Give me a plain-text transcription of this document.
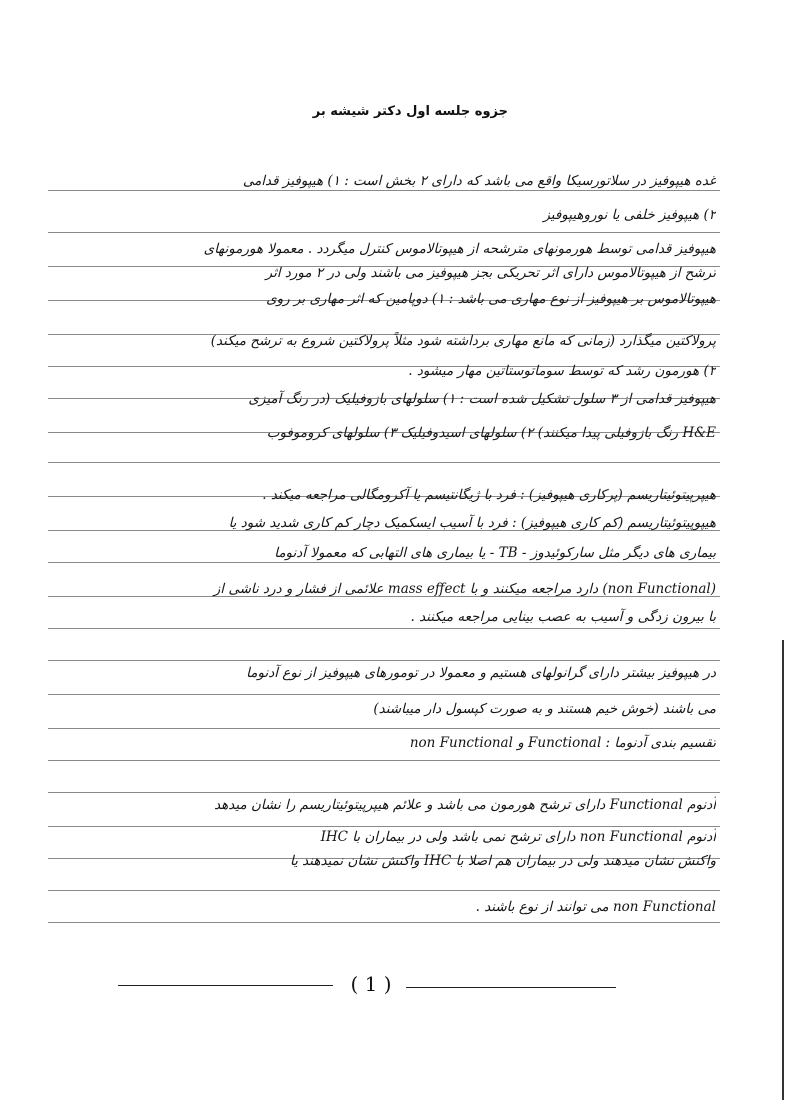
جزوه جلسه اول دکتر شیشه بر
غده هیپوفیز در سلاتورسیکا واقع می باشد که دارای ۲ بخش است : ۱) هیپوفیز قدامی
۲) هیپوفیز خلفی یا نوروهیپوفیز
هیپوفیز قدامی توسط هورمونهای مترشحه از هیپوتالاموس کنترل میگردد . معمولا هورمونهای
ترشح از هیپوتالاموس دارای اثر تحریکی بجز هیپوفیز می باشند ولی در ۲ مورد اثر
هیپوتالاموس بر هیپوفیز از نوع مهاری می باشد : ۱) دوپامین که اثر مهاری بر روی
پرولاکتین میگذارد (زمانی که مانع مهاری برداشته شود مثلاً پرولاکتین شروع به ترشح میکند)
۲) هورمون رشد که توسط سوماتوستاتین مهار میشود .
هیپوفیز قدامی از ۳ سلول تشکیل شده است : ۱) سلولهای بازوفیلیک (در رنگ آمیزی
H&E رنگ بازوفیلی پیدا میکنند) ۲) سلولهای اسیدوفیلیک ۳) سلولهای کروموفوب
هیپرپیتوئیتاریسم (پرکاری هیپوفیز) : فرد با ژیگانتیسم یا آکرومگالی مراجعه میکند .
هیپوپیتوئیتاریسم (کم کاری هیپوفیز) : فرد با آسیب ایسکمیک دچار کم کاری شدید شود یا
بیماری های دیگر مثل سارکوئیدوز - TB - یا بیماری های التهابی که معمولا آدنوما
(non Functional) دارد مراجعه میکنند و با mass effect علائمی از فشار و درد ناشی از
با بیرون زدگی و آسیب به عصب بینایی مراجعه میکنند .
در هیپوفیز بیشتر دارای گرانولهای هستیم و معمولا در تومورهای هیپوفیز از نوع آدنوما
می باشند (خوش خیم هستند و به صورت کپسول دار میباشند)
تقسیم بندی آدنوما : Functional و non Functional
آدنوم Functional دارای ترشح هورمون می باشد و علائم هیپرپیتوئیتاریسم را نشان میدهد
آدنوم non Functional دارای ترشح نمی باشد ولی در بیماران با IHC
واکنش نشان میدهند ولی در بیماران هم اصلا با IHC واکنش نشان نمیدهند یا
non Functional می توانند از نوع باشند .
( 1 )
